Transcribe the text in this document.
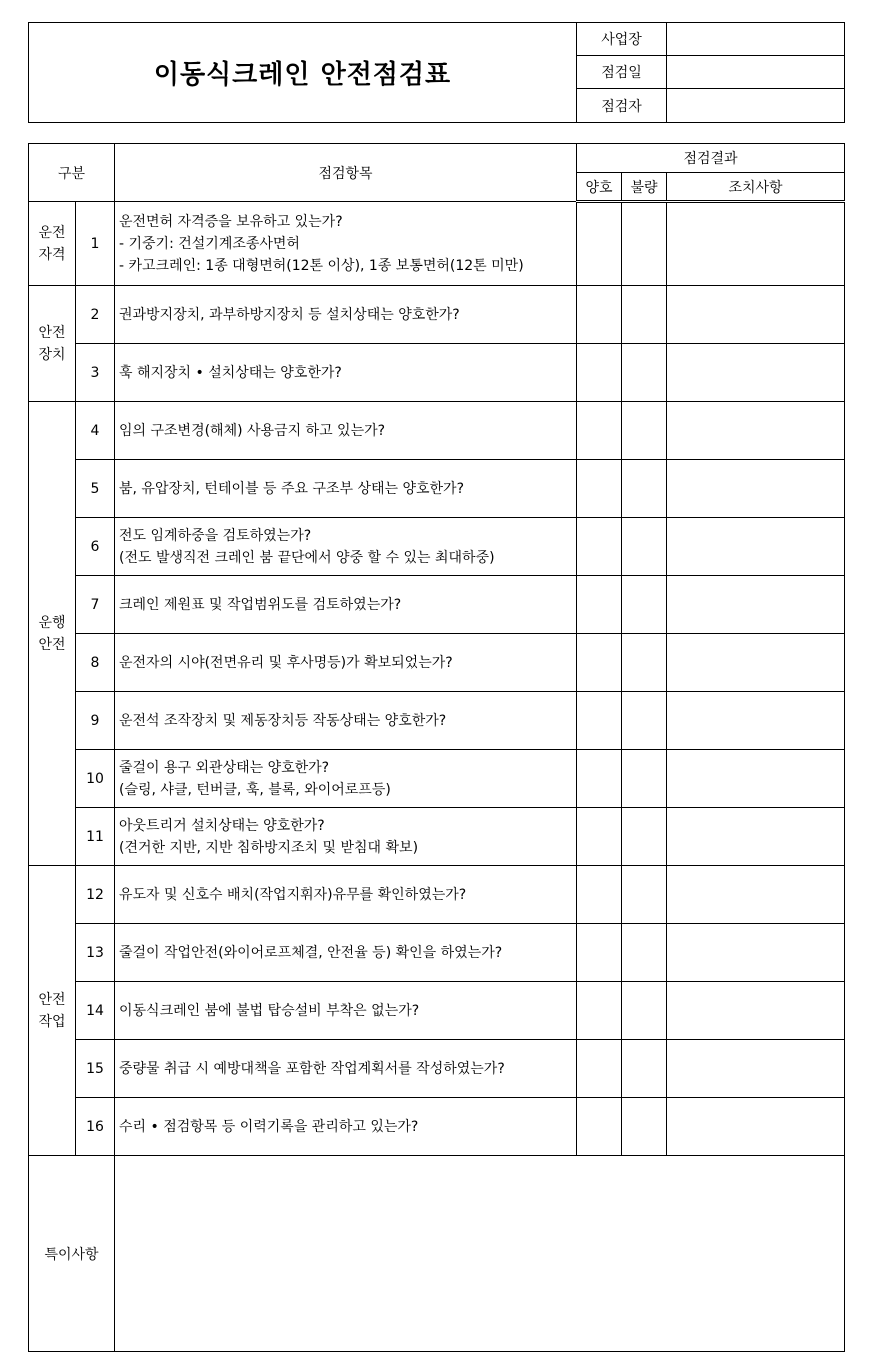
이동식크레인 안전점검표	사업장	
	점검일	
	점검자	
구분		점검항목	점검결과		
			양호	불량	조치사항
운전
자격	1	운전면허 자격증을 보유하고 있는가?
- 기중기: 건설기계조종사면허
- 카고크레인: 1종 대형면허(12톤 이상), 1종 보통면허(12톤 미만)			

안전
장치	2	권과방지장치, 과부하방지장치 등 설치상태는 양호한가?			

	3	훅 해지장치 • 설치상태는 양호한가?			

운행
안전	4	임의 구조변경(해체) 사용금지 하고 있는가?			

	5	붐, 유압장치, 턴테이블 등 주요 구조부 상태는 양호한가?			

	6	전도 임계하중을 검토하였는가?
(전도 발생직전 크레인 붐 끝단에서 양중 할 수 있는 최대하중)			

	7	크레인 제원표 및 작업범위도를 검토하였는가?			

	8	운전자의 시야(전면유리 및 후사명등)가 확보되었는가?			

	9	운전석 조작장치 및 제동장치등 작동상태는 양호한가?			

	10	줄걸이 용구 외관상태는 양호한가?
(슬링, 샤클, 턴버클, 훅, 블록, 와이어로프등)			

	11	아웃트리거 설치상태는 양호한가?
(견거한 지반, 지반 침하방지조치 및 받침대 확보)			

안전
작업	12	유도자 및 신호수 배치(작업지휘자)유무를 확인하였는가?			

	13	줄걸이 작업안전(와이어로프체결, 안전율 등) 확인을 하였는가?			

	14	이동식크레인 붐에 불법 탑승설비 부착은 없는가?			

	15	중량물 취급 시 예방대책을 포함한 작업계획서를 작성하였는가?			

	16	수리 • 점검항목 등 이력기록을 관리하고 있는가?			

특이사항					
